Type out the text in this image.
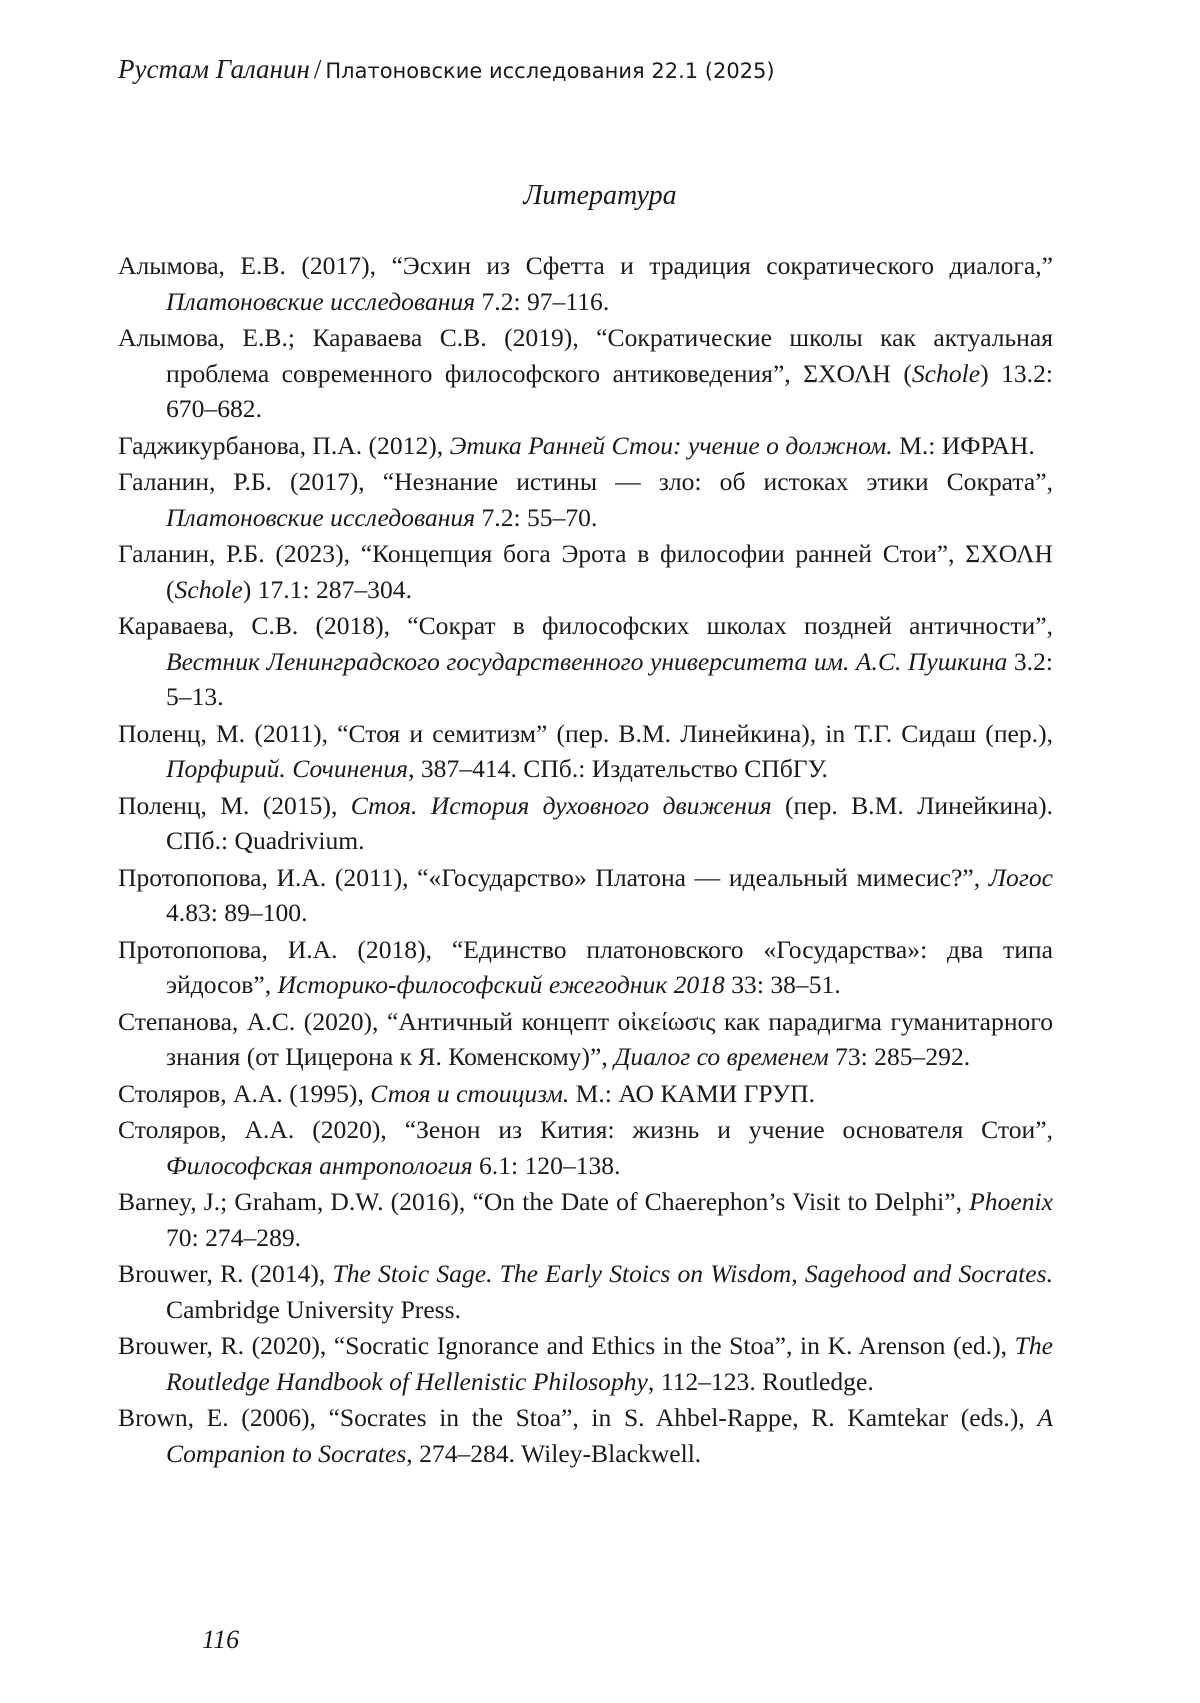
Рустам Галанин / Платоновские исследования 22.1 (2025)
Литература

Алымова, Е.В. (2017), “Эсхин из Сфетта и традиция сократического диалога,” Платоновские исследования 7.2: 97–116.

Алымова, Е.В.; Караваева С.В. (2019), “Сократические школы как актуальная проблема современного философского антиковедения”, ΣΧΟΛΗ (Schole) 13.2: 670–682.

Гаджикурбанова, П.А. (2012), Этика Ранней Стои: учение о должном. М.: ИФРАН.

Галанин, Р.Б. (2017), “Незнание истины — зло: об истоках этики Сократа”, Платоновские исследования 7.2: 55–70.

Галанин, Р.Б. (2023), “Концепция бога Эрота в философии ранней Стои”, ΣΧΟΛΗ (Schole) 17.1: 287–304.

Караваева, С.В. (2018), “Сократ в философских школах поздней античности”, Вестник Ленинградского государственного университета им. А.С. Пушкина 3.2: 5–13.

Поленц, М. (2011), “Стоя и семитизм” (пер. В.М. Линейкина), in Т.Г. Сидаш (пер.), Порфирий. Сочинения, 387–414. СПб.: Издательство СПбГУ.

Поленц, М. (2015), Стоя. История духовного движения (пер. В.М. Линейкина). СПб.: Quadrivium.

Протопопова, И.А. (2011), “«Государство» Платона — идеальный мимесис?”, Логос 4.83: 89–100.

Протопопова, И.А. (2018), “Единство платоновского «Государства»: два типа эйдосов”, Историко-философский ежегодник 2018 33: 38–51.

Степанова, А.С. (2020), “Античный концепт οἰκείωσις как парадигма гуманитарного знания (от Цицерона к Я. Коменскому)”, Диалог со временем 73: 285–292.

Столяров, А.А. (1995), Стоя и стоицизм. М.: АО КАМИ ГРУП.

Столяров, А.А. (2020), “Зенон из Кития: жизнь и учение основателя Стои”, Философская антропология 6.1: 120–138.

Barney, J.; Graham, D.W. (2016), “On the Date of Chaerephon’s Visit to Delphi”, Phoenix 70: 274–289.

Brouwer, R. (2014), The Stoic Sage. The Early Stoics on Wisdom, Sagehood and Socrates. Cambridge University Press.

Brouwer, R. (2020), “Socratic Ignorance and Ethics in the Stoa”, in K. Arenson (ed.), The Routledge Handbook of Hellenistic Philosophy, 112–123. Routledge.

Brown, E. (2006), “Socrates in the Stoa”, in S. Ahbel-Rappe, R. Kamtekar (eds.), A Companion to Socrates, 274–284. Wiley-Blackwell.

116
